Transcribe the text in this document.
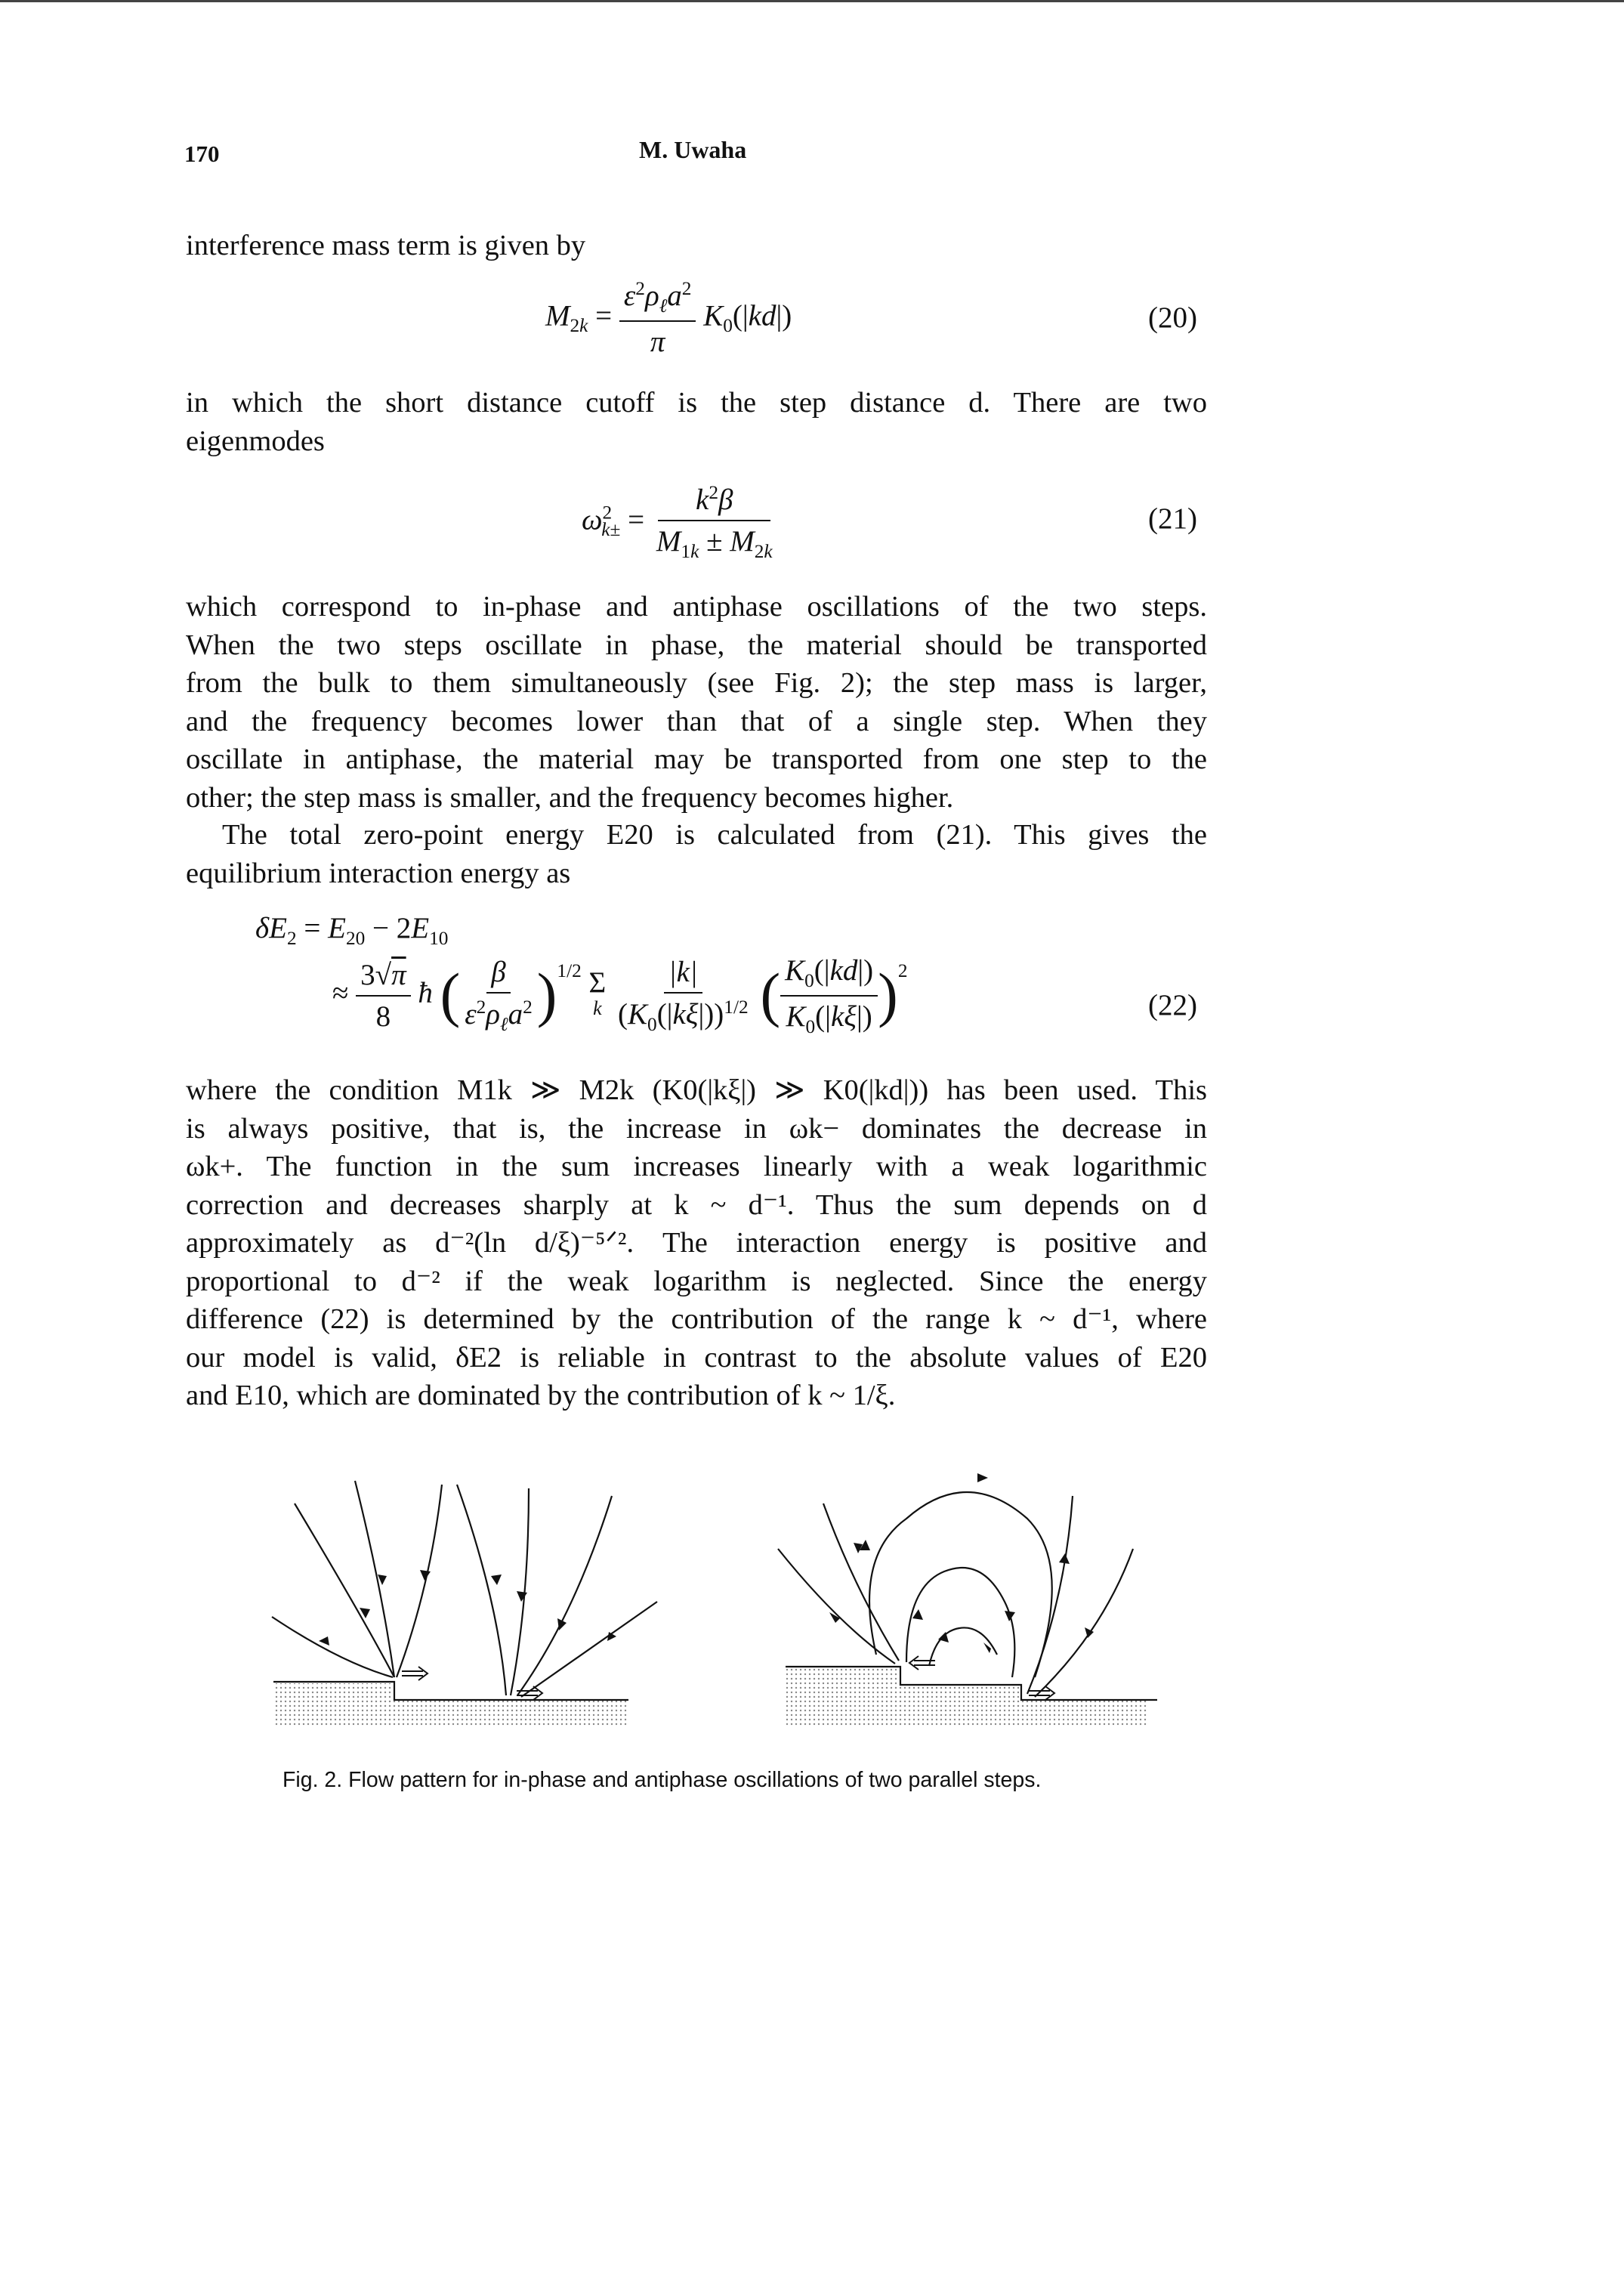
170	M. Uwaha
interference mass term is given by
$M_{2k} = \frac{\varepsilon^2\rho_\ell a^2}{\pi} K_0(|kd|)$	(20)
in which the short distance cutoff is the step distance d. There are two
eigenmodes
$\omega^2_{k\pm} = \frac{k^2\beta}{M_{1k} \pm M_{2k}}$	(21)
which correspond to in-phase and antiphase oscillations of the two steps.
When the two steps oscillate in phase, the material should be transported
from the bulk to them simultaneously (see Fig. 2); the step mass is larger,
and the frequency becomes lower than that of a single step. When they
oscillate in antiphase, the material may be transported from one step to the
other; the step mass is smaller, and the frequency becomes higher.
The total zero-point energy E20 is calculated from (21). This gives the
equilibrium interaction energy as
$\delta E_2 = E_{20} - 2E_{10}$
≈ $\frac{3√\pi}{8}$ ħ ( $\frac{\beta}{\varepsilon^2\rho_\ell a^2} )^{1/2}$ Σ
k $\frac{|k|}{(K_0(|k\xi|))^{1/2}}$ ( $\frac{K_0(|kd|)}{K_0(|k\xi|)} )^2$
(22)
where the condition M1k ≫ M2k (K0(|kξ|) ≫ K0(|kd|)) has been used. This
is always positive, that is, the increase in ωk− dominates the decrease in
ωk+. The function in the sum increases linearly with a weak logarithmic
correction and decreases sharply at k ~ d⁻¹. Thus the sum depends on d
approximately as d⁻²(ln d/ξ)⁻⁵ᐟ². The interaction energy is positive and
proportional to d⁻² if the weak logarithm is neglected. Since the energy
difference (22) is determined by the contribution of the range k ~ d⁻¹, where
our model is valid, δE2 is reliable in contrast to the absolute values of E20
and E10, which are dominated by the contribution of k ~ 1/ξ.
Fig. 2. Flow pattern for in-phase and antiphase oscillations of two parallel steps.
